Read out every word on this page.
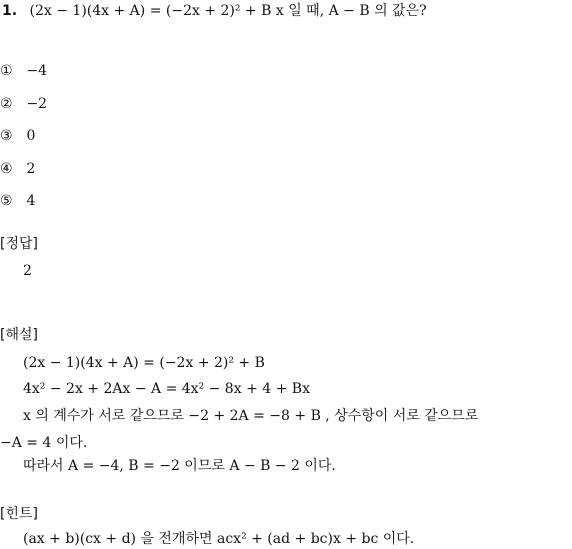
1. (2x − 1)(4x + A) = (−2x + 2)² + B x 일 때, A − B 의 값은?
① −4
② −2
③ 0
④ 2
⑤ 4
[정답]
2
[해설]
(2x − 1)(4x + A) = (−2x + 2)² + B
4x² − 2x + 2Ax − A = 4x² − 8x + 4 + Bx
x 의 계수가 서로 같으므로 −2 + 2A = −8 + B , 상수항이 서로 같으므로
−A = 4 이다.
따라서 A = −4, B = −2 이므로 A − B − 2 이다.
[힌트]
(ax + b)(cx + d) 을 전개하면 acx² + (ad + bc)x + bc 이다.
